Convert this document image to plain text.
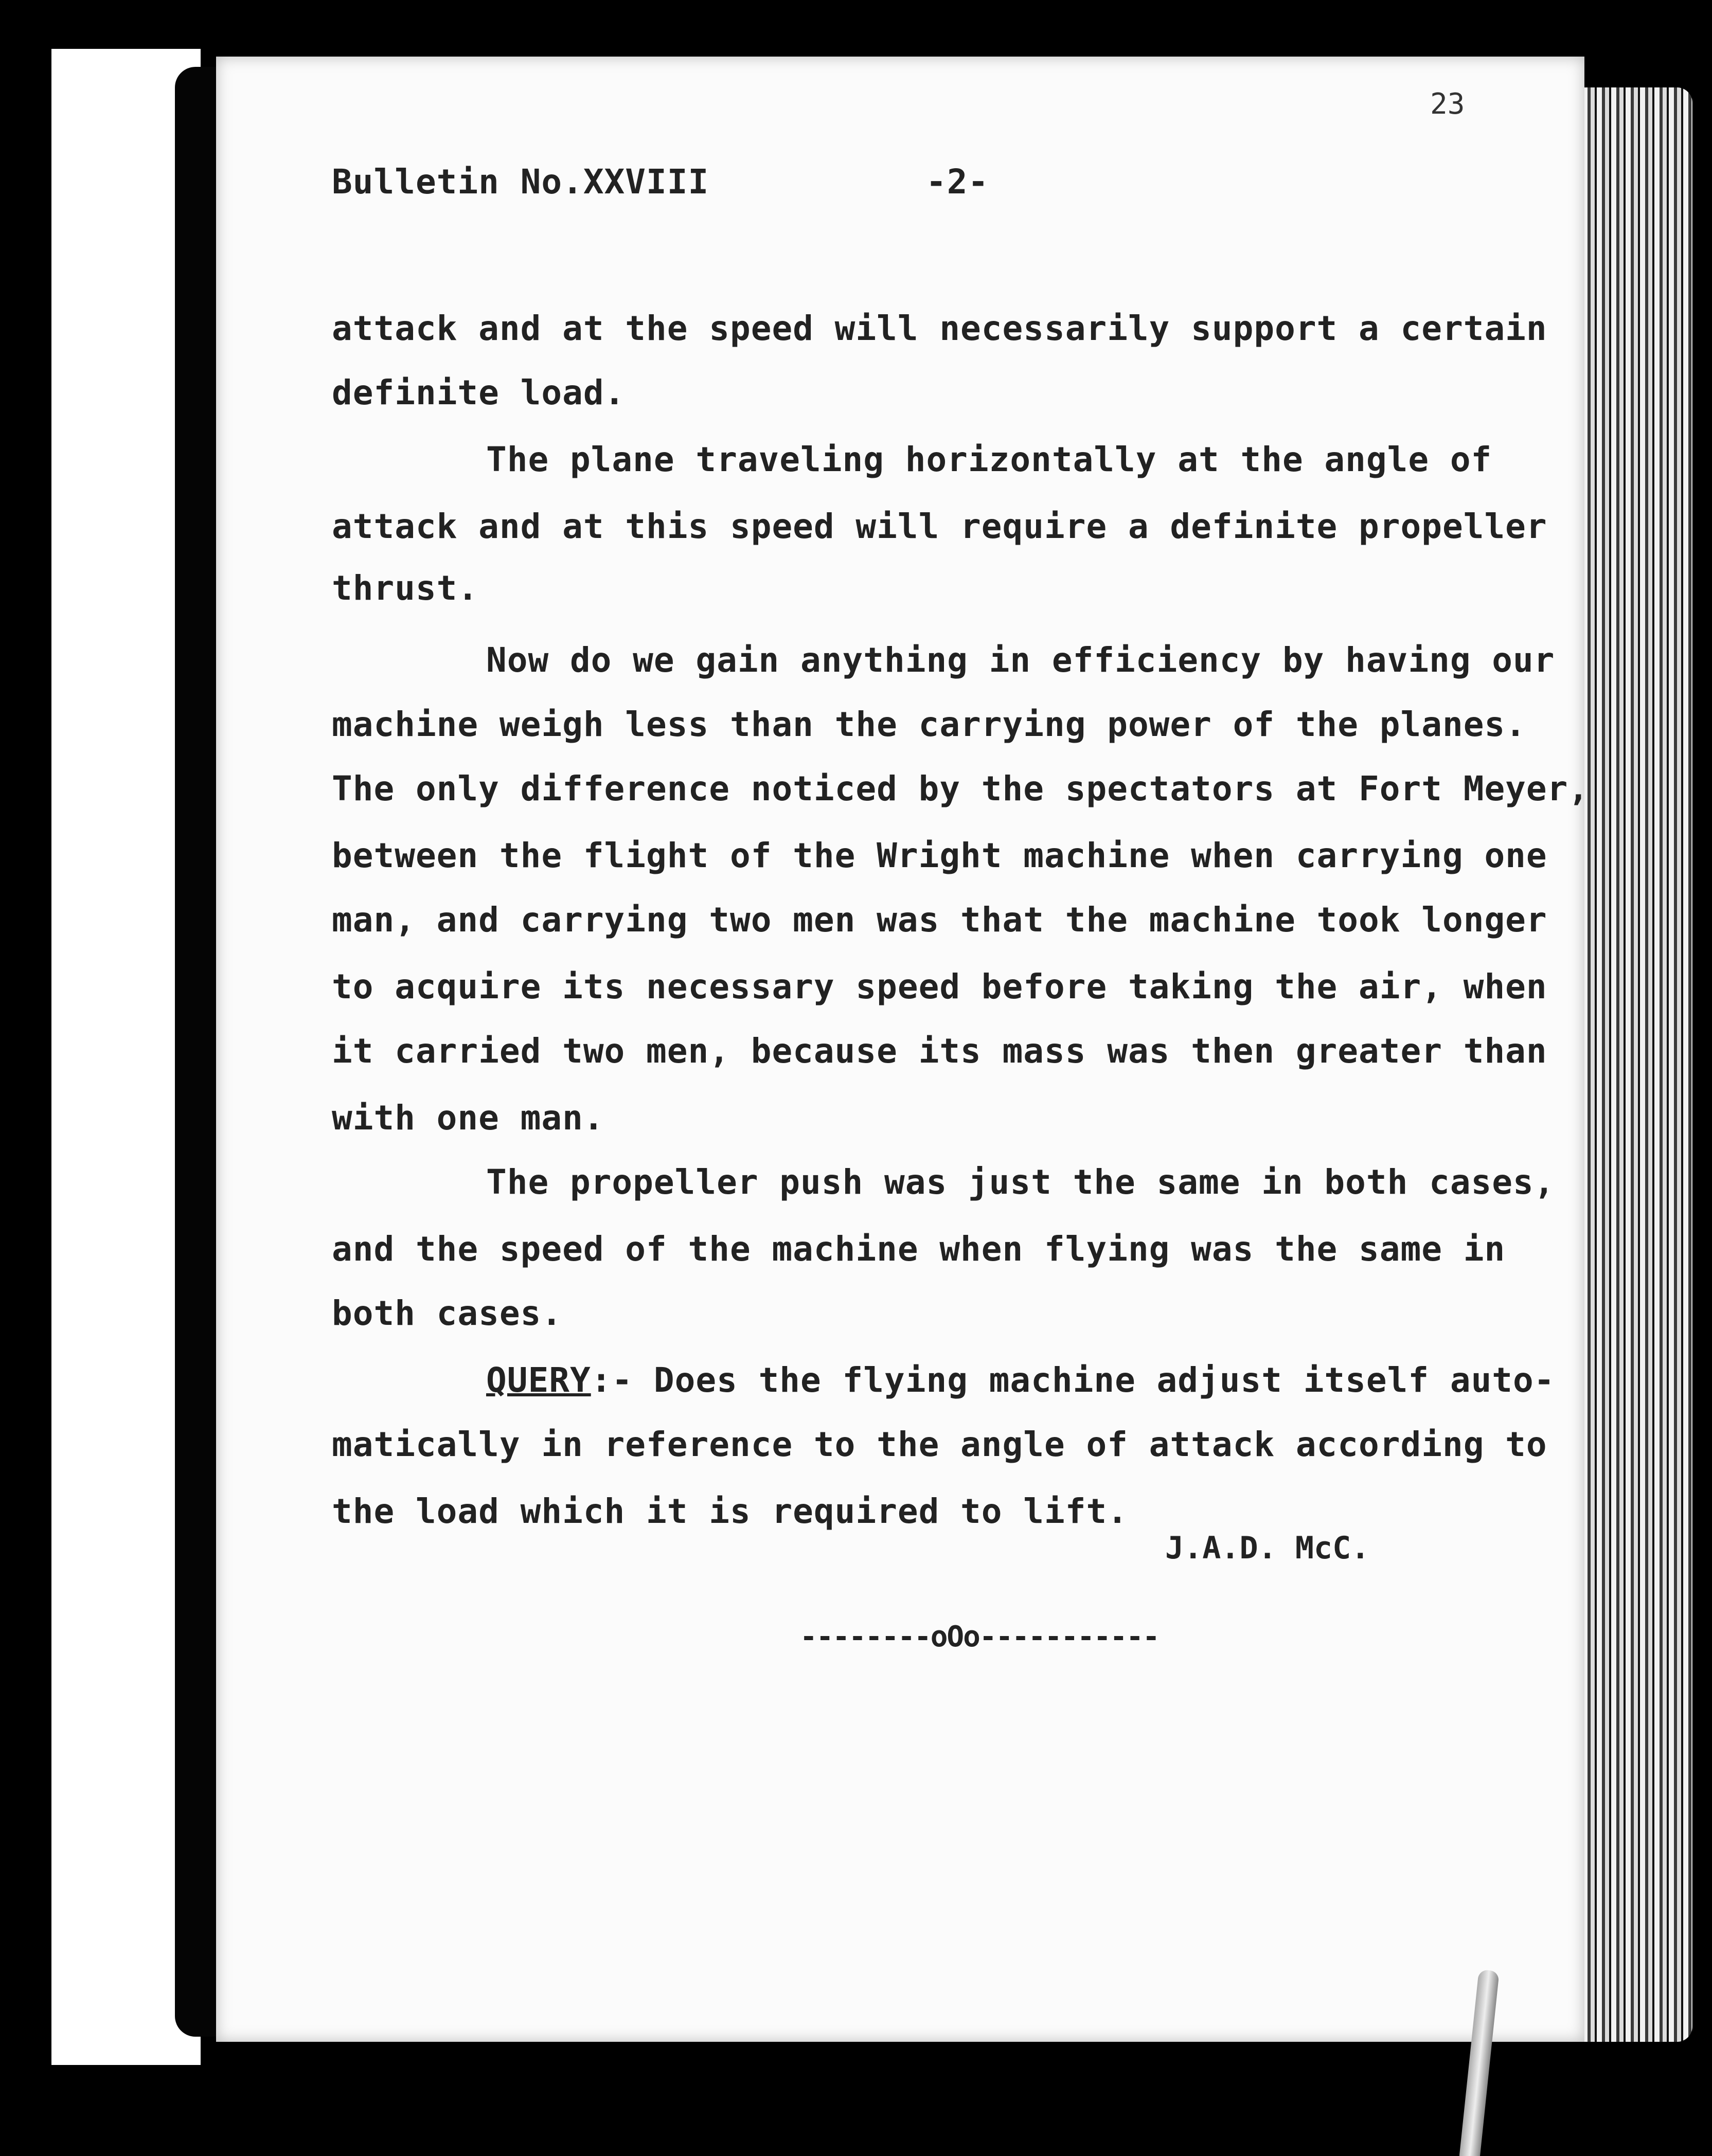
23
Bulletin No.XXVIII	-2-
attack and at the speed will necessarily support a certain
definite load.
The plane traveling horizontally at the angle of
attack and at this speed will require a definite propeller
thrust.
Now do we gain anything in efficiency by having our
machine weigh less than the carrying power of the planes.
The only difference noticed by the spectators at Fort Meyer,
between the flight of the Wright machine when carrying one
man, and carrying two men was that the machine took longer
to acquire its necessary speed before taking the air, when
it carried two men, because its mass was then greater than
with one man.
The propeller push was just the same in both cases,
and the speed of the machine when flying was the same in
both cases.
QUERY:- Does the flying machine adjust itself auto-
matically in reference to the angle of attack according to
the load which it is required to lift.
J.A.D. McC.
--------oOo-----------
